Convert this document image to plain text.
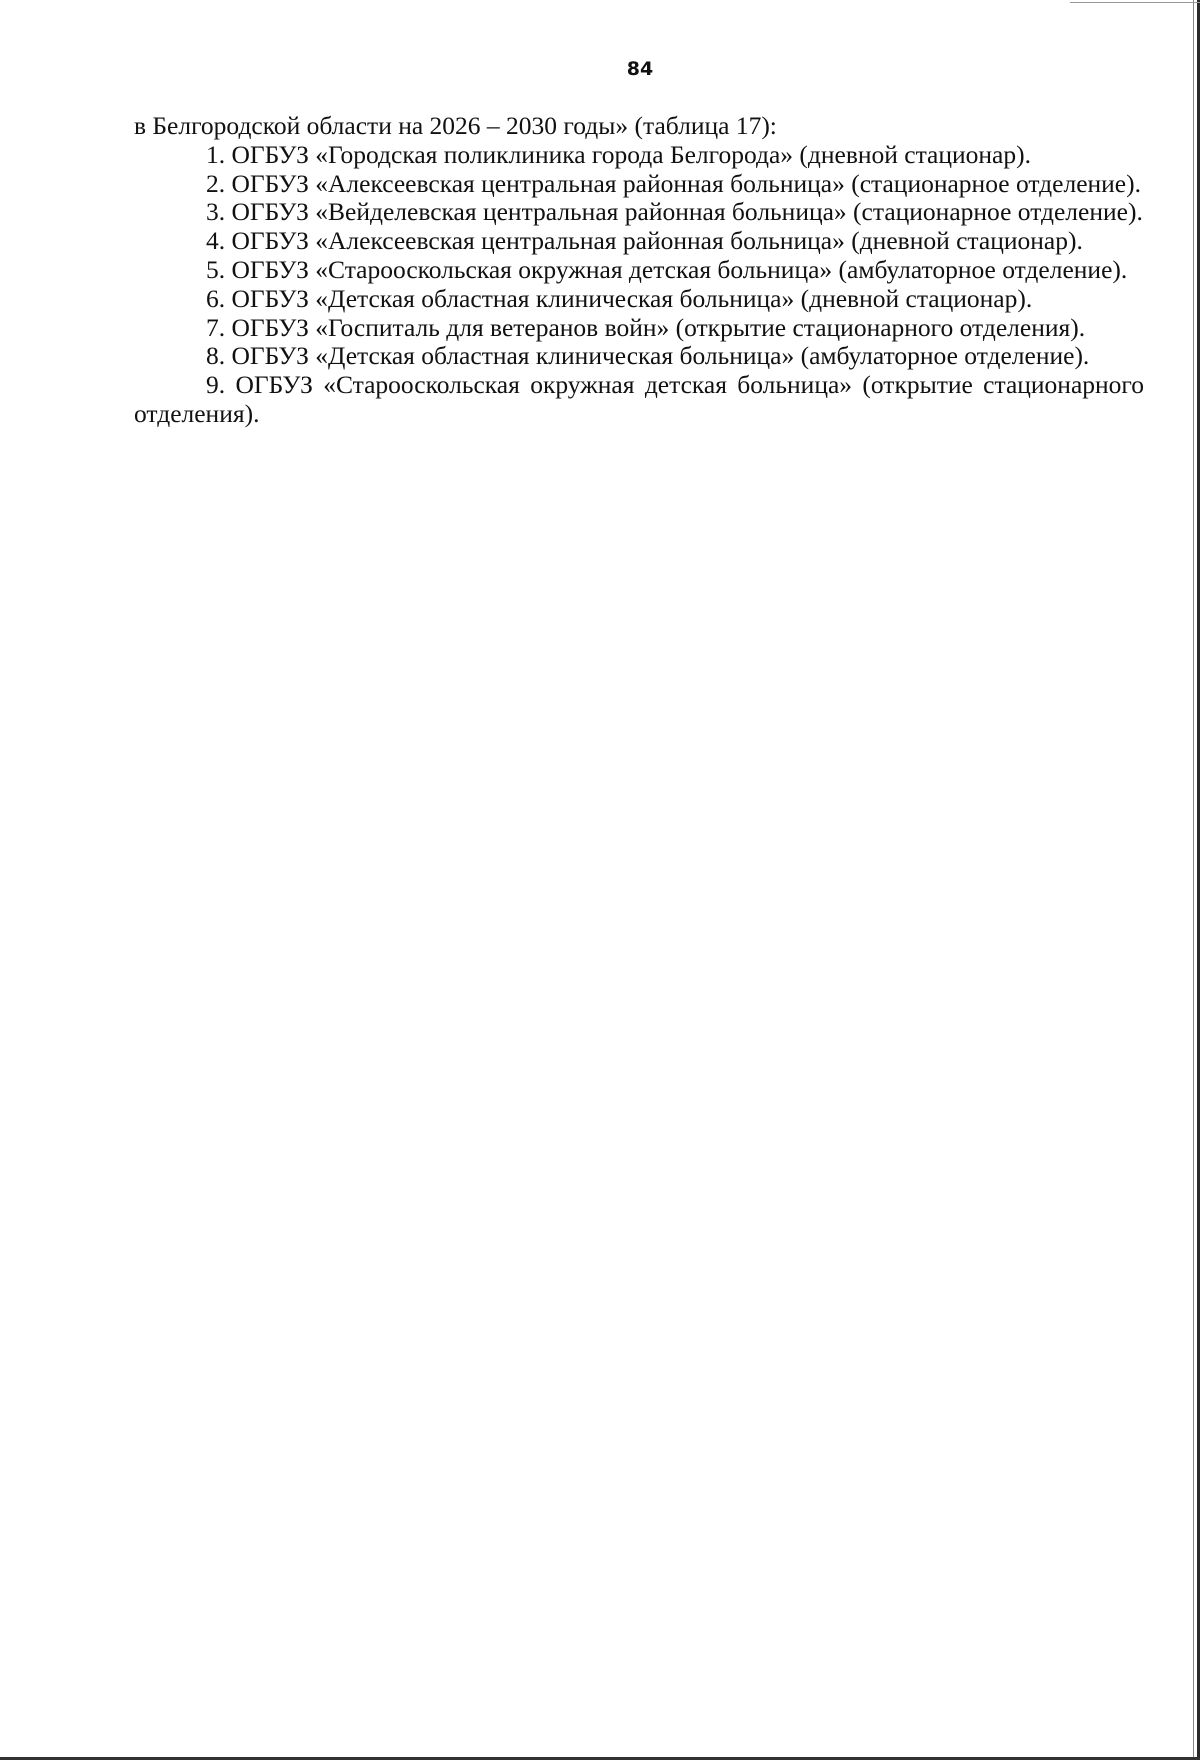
84

в Белгородской области на 2026 – 2030 годы» (таблица 17):

1. ОГБУЗ «Городская поликлиника города Белгорода» (дневной стационар).

2. ОГБУЗ «Алексеевская центральная районная больница» (стационарное отделение).

3. ОГБУЗ «Вейделевская центральная районная больница» (стационарное отделение).

4. ОГБУЗ «Алексеевская центральная районная больница» (дневной стационар).

5. ОГБУЗ «Старооскольская окружная детская больница» (амбулаторное отделение).

6. ОГБУЗ «Детская областная клиническая больница» (дневной стационар).

7. ОГБУЗ «Госпиталь для ветеранов войн» (открытие стационарного отделения).

8. ОГБУЗ «Детская областная клиническая больница» (амбулаторное отделение).

9. ОГБУЗ «Старооскольская окружная детская больница» (открытие стационарного отделения).
